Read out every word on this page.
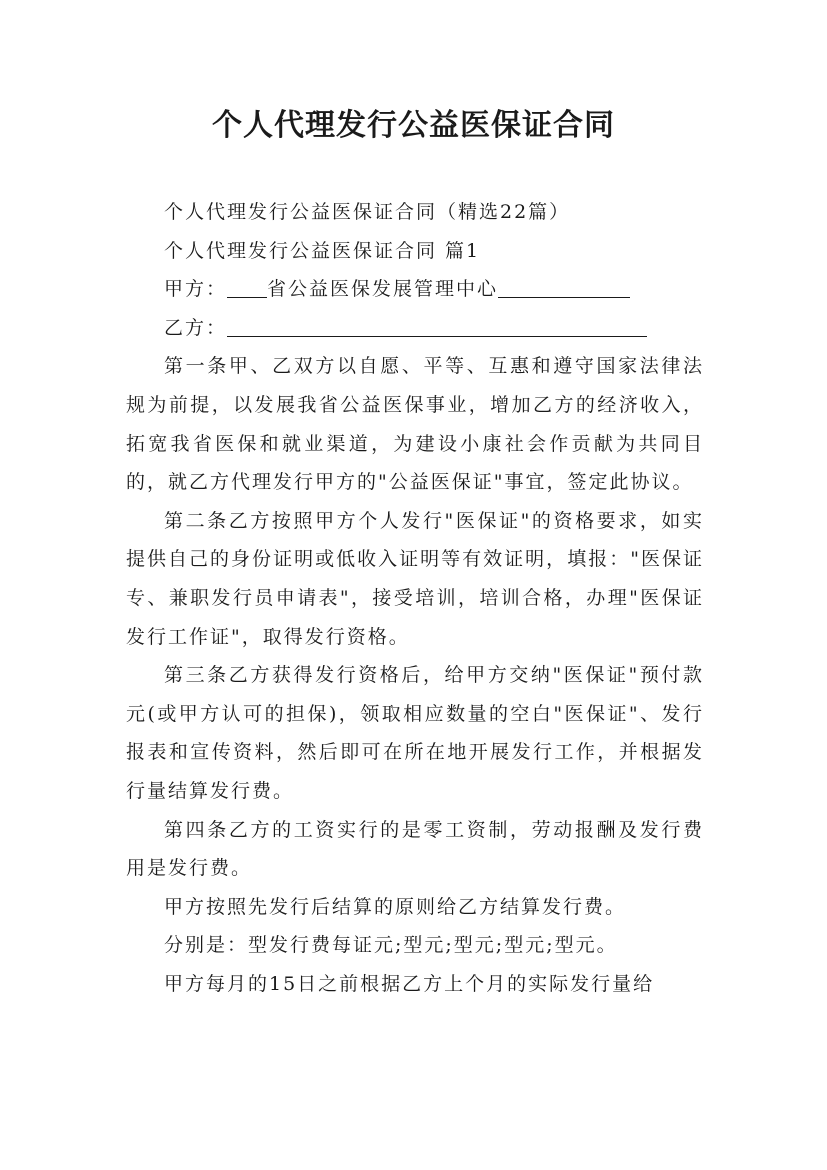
个人代理发行公益医保证合同

个人代理发行公益医保证合同（精选22篇）

个人代理发行公益医保证合同 篇1

甲方： 省公益医保发展管理中心

乙方：

第一条甲、乙双方以自愿、平等、互惠和遵守国家法律法规为前提，以发展我省公益医保事业，增加乙方的经济收入，拓宽我省医保和就业渠道，为建设小康社会作贡献为共同目的，就乙方代理发行甲方的"公益医保证"事宜，签定此协议。

第二条乙方按照甲方个人发行"医保证"的资格要求，如实提供自己的身份证明或低收入证明等有效证明，填报："医保证专、兼职发行员申请表"，接受培训，培训合格，办理"医保证发行工作证"，取得发行资格。

第三条乙方获得发行资格后，给甲方交纳"医保证"预付款元(或甲方认可的担保)，领取相应数量的空白"医保证"、发行报表和宣传资料，然后即可在所在地开展发行工作，并根据发行量结算发行费。

第四条乙方的工资实行的是零工资制，劳动报酬及发行费用是发行费。

甲方按照先发行后结算的原则给乙方结算发行费。

分别是：型发行费每证元;型元;型元;型元;型元。

甲方每月的15日之前根据乙方上个月的实际发行量给
